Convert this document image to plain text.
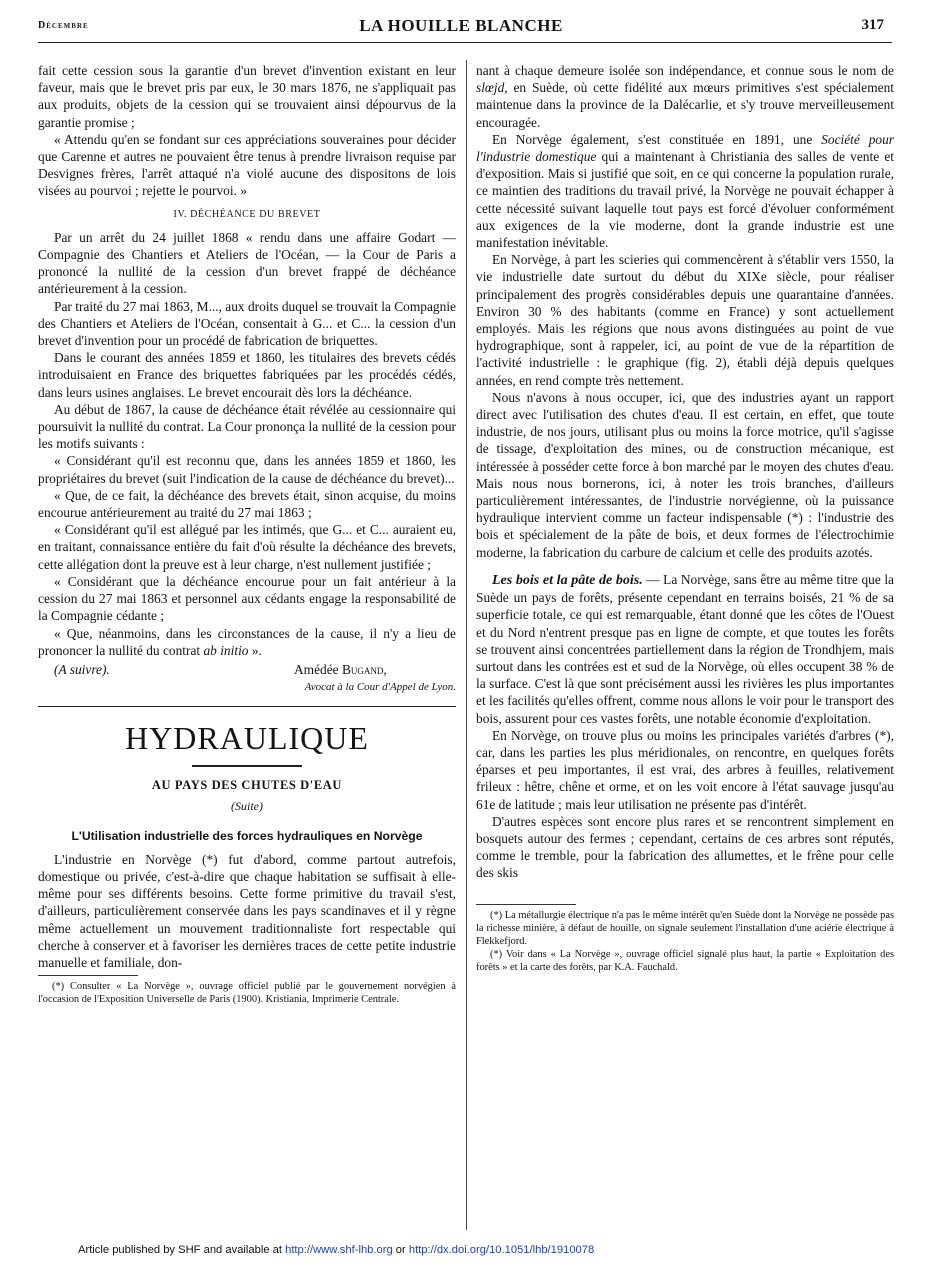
Décembre	LA HOUILLE BLANCHE	317

fait cette cession sous la garantie d'un brevet d'invention existant en leur faveur, mais que le brevet pris par eux, le 30 mars 1876, ne s'appliquait pas aux produits, objets de la cession qui se trouvaient ainsi dépourvus de la garantie promise ;

« Attendu qu'en se fondant sur ces appréciations souveraines pour décider que Carenne et autres ne pouvaient être tenus à prendre livraison requise par Desvignes frères, l'arrêt attaqué n'a violé aucune des dispositons de lois visées au pourvoi ; rejette le pourvoi. »

IV. DÉCHÉANCE DU BREVET

Par un arrêt du 24 juillet 1868 « rendu dans une affaire Godart — Compagnie des Chantiers et Ateliers de l'Océan, — la Cour de Paris a prononcé la nullité de la cession d'un brevet frappé de déchéance antérieurement à la cession.

Par traité du 27 mai 1863, M..., aux droits duquel se trouvait la Compagnie des Chantiers et Ateliers de l'Océan, consentait à G... et C... la cession d'un brevet d'invention pour un procédé de fabrication de briquettes.

Dans le courant des années 1859 et 1860, les titulaires des brevets cédés introduisaient en France des briquettes fabriquées par les procédés cédés, dans leurs usines anglaises. Le brevet encourait dès lors la déchéance.

Au début de 1867, la cause de déchéance était révélée au cessionnaire qui poursuivit la nullité du contrat. La Cour prononça la nullité de la cession pour les motifs suivants :

« Considérant qu'il est reconnu que, dans les années 1859 et 1860, les propriétaires du brevet (suit l'indication de la cause de déchéance du brevet)...

« Que, de ce fait, la déchéance des brevets était, sinon acquise, du moins encourue antérieurement au traité du 27 mai 1863 ;

« Considérant qu'il est allégué par les intimés, que G... et C... auraient eu, en traitant, connaissance entière du fait d'où résulte la déchéance des brevets, cette allégation dont la preuve est à leur charge, n'est nullement justifiée ;

« Considérant que la déchéance encourue pour un fait antérieur à la cession du 27 mai 1863 et personnel aux cédants engage la responsabilité de la Compagnie cédante ;

« Que, néanmoins, dans les circonstances de la cause, il n'y a lieu de prononcer la nullité du contrat ab initio ».

(A suivre).	Amédée Bugand,
Avocat à la Cour d'Appel de Lyon.
HYDRAULIQUE
AU PAYS DES CHUTES D'EAU
(Suite)
L'Utilisation industrielle des forces hydrauliques en Norvège

L'industrie en Norvège (*) fut d'abord, comme partout autrefois, domestique ou privée, c'est-à-dire que chaque habitation se suffisait à elle-même pour ses différents besoins. Cette forme primitive du travail s'est, d'ailleurs, particulièrement conservée dans les pays scandinaves et il y règne même actuellement un mouvement traditionnaliste fort respectable qui cherche à conserver et à favoriser les dernières traces de cette petite industrie manuelle et familiale, don-

(*) Consulter « La Norvège », ouvrage officiel publié par le gouvernement norvégien à l'occasion de l'Exposition Universelle de Paris (1900). Kristiania, Imprimerie Centrale.

nant à chaque demeure isolée son indépendance, et connue sous le nom de slœjd, en Suède, où cette fidélité aux mœurs primitives s'est spécialement maintenue dans la province de la Dalécarlie, et s'y trouve merveilleusement encouragée.

En Norvège également, s'est constituée en 1891, une Société pour l'industrie domestique qui a maintenant à Christiania des salles de vente et d'exposition. Mais si justifié que soit, en ce qui concerne la population rurale, ce maintien des traditions du travail privé, la Norvège ne pouvait échapper à cette nécessité suivant laquelle tout pays est forcé d'évoluer conformément aux exigences de la vie moderne, dont la grande industrie est une manifestation inévitable.

En Norvège, à part les scieries qui commencèrent à s'établir vers 1550, la vie industrielle date surtout du début du XIXe siècle, pour réaliser principalement des progrès considérables depuis une quarantaine d'années. Environ 30 % des habitants (comme en France) y sont actuellement employés. Mais les régions que nous avons distinguées au point de vue hydrographique, sont à rappeler, ici, au point de vue de la répartition de l'activité industrielle : le graphique (fig. 2), établi déjà depuis quelques années, en rend compte très nettement.

Nous n'avons à nous occuper, ici, que des industries ayant un rapport direct avec l'utilisation des chutes d'eau. Il est certain, en effet, que toute industrie, de nos jours, utilisant plus ou moins la force motrice, qu'il s'agisse de tissage, d'exploitation des mines, ou de construction mécanique, est intéressée à posséder cette force à bon marché par le moyen des chutes d'eau. Mais nous nous bornerons, ici, à noter les trois branches, d'ailleurs particulièrement intéressantes, de l'industrie norvégienne, où la puissance hydraulique intervient comme un facteur indispensable (*) : l'industrie des bois et spécialement de la pâte de bois, et deux formes de l'électrochimie moderne, la fabrication du carbure de calcium et celle des produits azotés.

Les bois et la pâte de bois. — La Norvège, sans être au même titre que la Suède un pays de forêts, présente cependant en terrains boisés, 21 % de sa superficie totale, ce qui est remarquable, étant donné que les côtes de l'Ouest et du Nord n'entrent presque pas en ligne de compte, et que toutes les forêts se trouvent ainsi concentrées partiellement dans la région de Trondhjem, mais surtout dans les contrées est et sud de la Norvège, où elles occupent 38 % de la surface. C'est là que sont précisément aussi les rivières les plus importantes et les facilités qu'elles offrent, comme nous allons le voir pour le transport des bois, assurent pour ces vastes forêts, une notable économie d'exploitation.

En Norvège, on trouve plus ou moins les principales variétés d'arbres (*), car, dans les parties les plus méridionales, on rencontre, en quelques forêts éparses et peu importantes, il est vrai, des arbres à feuilles, relativement frileux : hêtre, chêne et orme, et on les voit encore à l'état sauvage jusqu'au 61e de latitude ; mais leur utilisation ne présente pas d'intérêt.

D'autres espèces sont encore plus rares et se rencontrent simplement en bosquets autour des fermes ; cependant, certains de ces arbres sont réputés, comme le tremble, pour la fabrication des allumettes, et le frêne pour celle des skis

(*) La métallurgie électrique n'a pas le même intérêt qu'en Suède dont la Norvège ne possède pas la richesse minière, à défaut de houille, on signale seulement l'installation d'une aciérie électrique à Flekkefjord.

(*) Voir dans « La Norvège », ouvrage officiel signalé plus haut, la partie « Exploitation des forêts » et la carte des forêts, par K.A. Fauchald.

Article published by SHF and available at http://www.shf-lhb.org or http://dx.doi.org/10.1051/lhb/1910078
